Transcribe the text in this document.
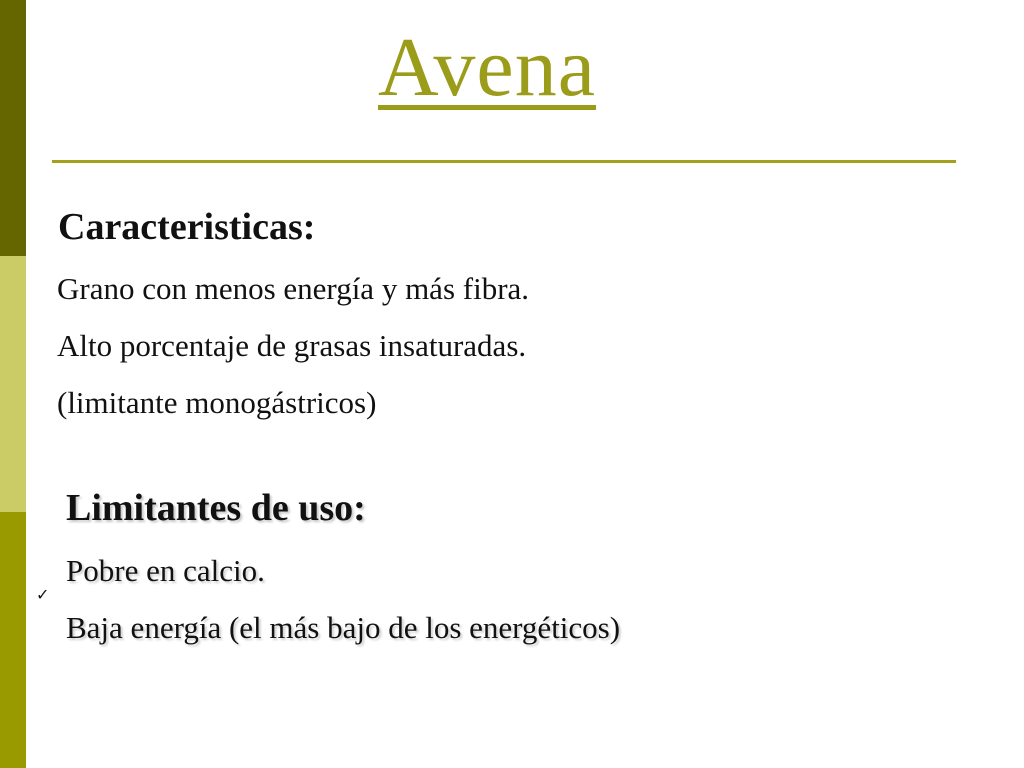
Avena
Caracteristicas:
Grano con menos energía y más fibra.
Alto porcentaje de grasas insaturadas.
(limitante monogástricos)
Limitantes de uso:
Pobre en calcio.
✓
Baja energía (el más bajo de los energéticos)
